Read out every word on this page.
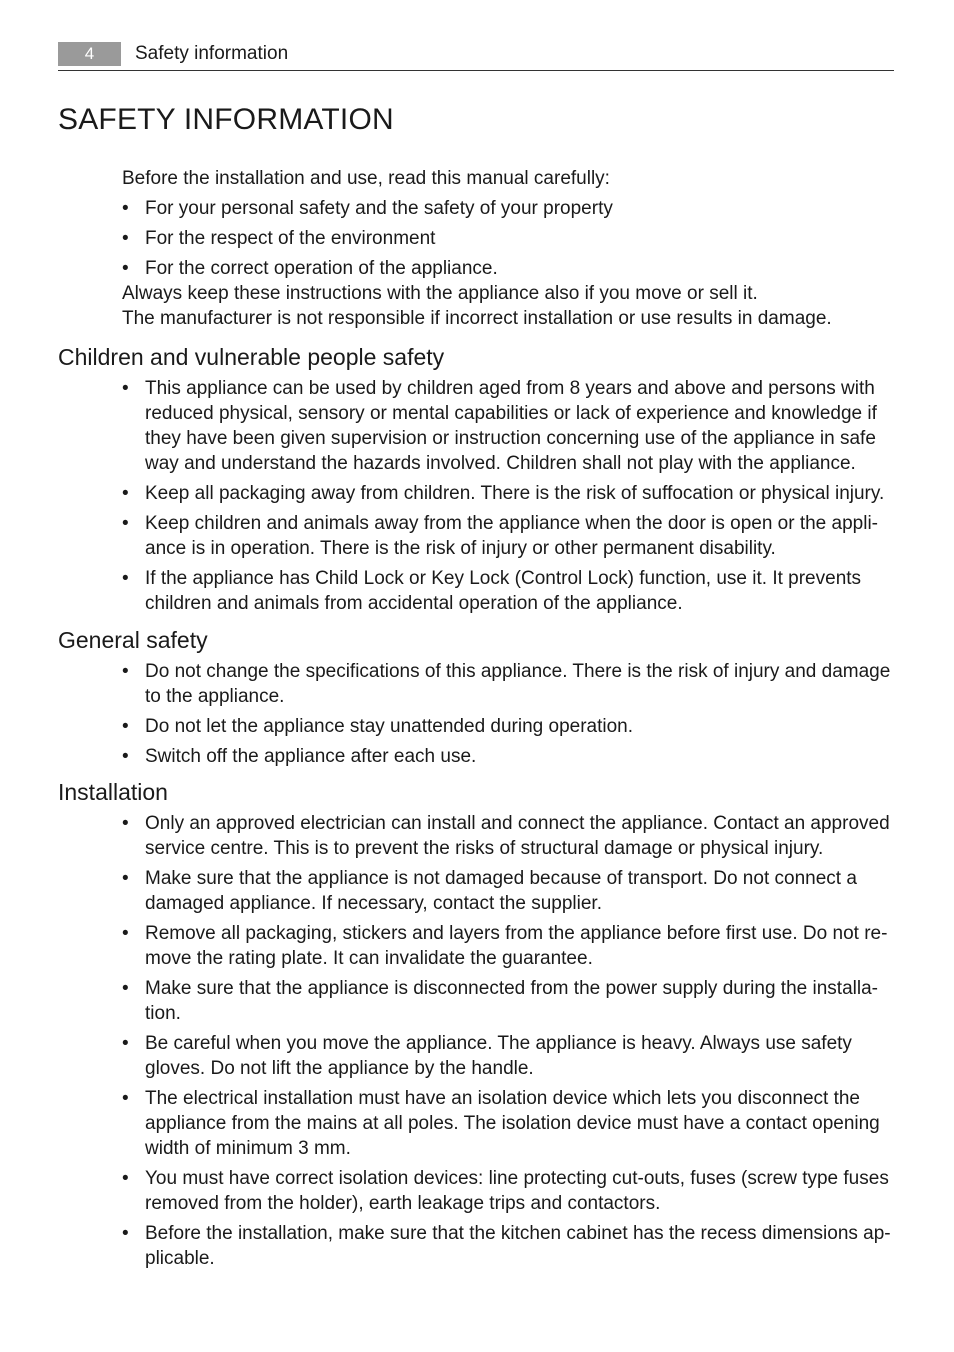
4	Safety information
SAFETY INFORMATION

Before the installation and use, read this manual carefully:

• For your personal safety and the safety of your property
• For the respect of the environment
• For the correct operation of the appliance.

Always keep these instructions with the appliance also if you move or sell it.

The manufacturer is not responsible if incorrect installation or use results in damage.

Children and vulnerable people safety
• This appliance can be used by children aged from 8 years and above and persons with reduced physical, sensory or mental capabilities or lack of experience and knowledge if they have been given supervision or instruction concerning use of the appliance in safe way and understand the hazards involved. Children shall not play with the appliance.
• Keep all packaging away from children. There is the risk of suffocation or physical injury.
• Keep children and animals away from the appliance when the door is open or the appli-ance is in operation. There is the risk of injury or other permanent disability.
• If the appliance has Child Lock or Key Lock (Control Lock) function, use it. It prevents children and animals from accidental operation of the appliance.
General safety
• Do not change the specifications of this appliance. There is the risk of injury and damage to the appliance.
• Do not let the appliance stay unattended during operation.
• Switch off the appliance after each use.
Installation
• Only an approved electrician can install and connect the appliance. Contact an approved service centre. This is to prevent the risks of structural damage or physical injury.
• Make sure that the appliance is not damaged because of transport. Do not connect a damaged appliance. If necessary, contact the supplier.
• Remove all packaging, stickers and layers from the appliance before first use. Do not re-move the rating plate. It can invalidate the guarantee.
• Make sure that the appliance is disconnected from the power supply during the installa-tion.
• Be careful when you move the appliance. The appliance is heavy. Always use safety gloves. Do not lift the appliance by the handle.
• The electrical installation must have an isolation device which lets you disconnect the appliance from the mains at all poles. The isolation device must have a contact opening width of minimum 3 mm.
• You must have correct isolation devices: line protecting cut-outs, fuses (screw type fuses removed from the holder), earth leakage trips and contactors.
• Before the installation, make sure that the kitchen cabinet has the recess dimensions ap-plicable.
